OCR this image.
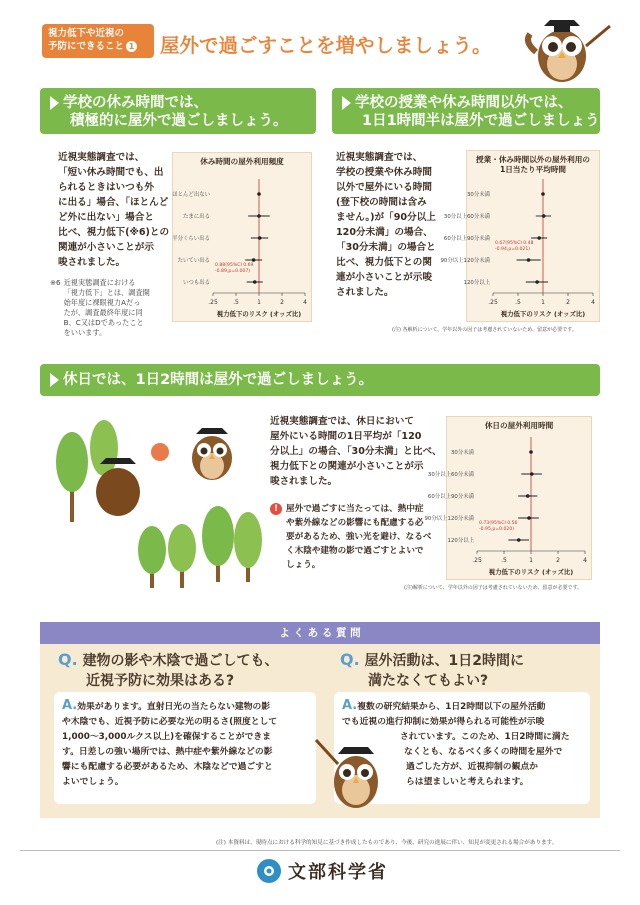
視力低下や近視の
予防にできること 1	屋外で過ごすことを増やしましょう。
学校の休み時間では、
積極的に屋外で過ごしましょう。
近視実態調査では、
「短い休み時間でも、出
られるときはいつも外
に出る」場合、「ほとんど
ど外に出ない」場合と
比べ、視力低下(※6)との
関連が小さいことが示
唆されました。
※6 近視実態調査における
「視力低下」とは、調査開
始年度に裸眼視力Aだっ
たが、調査最終年度に同
B、C又はDであったこと
をいいます。
休み時間の屋外利用頻度
.25	.5	1	2	4
視力低下のリスク (オッズ比)
ほとんど出ない
たまに出る
半分くらい出る
たいてい出る
いつも出る
0.88(95%CI 0.69
-0.89,p=0.007)
学校の授業や休み時間以外では、
1日1時間半は屋外で過ごしましょう。
近視実態調査では、
学校の授業や休み時間
以外で屋外にいる時間
(登下校の時間は含み
ません。)が「90分以上
120分未満」の場合、
「30分未満」の場合と
比べ、視力低下との関
連が小さいことが示唆
されました。
授業・休み時間以外の屋外利用の
1日当たり平均時間
.25	.5	1	2	4
視力低下のリスク (オッズ比)
30分未満
30分以上60分未満
60分以上90分未満
90分以上120分未満
120分以上
0.67(95%CI 0.48
-0.94,p=0.021)
(注) 各解析について、学年以外の因子は考慮されていないため、留意が必要です。
休日では、1日2時間は屋外で過ごしましょう。
近視実態調査では、休日において
屋外にいる時間の1日平均が「120
分以上」の場合、「30分未満」と比べ、
視力低下との関連が小さいことが示
唆されました。
! 屋外で過ごすに当たっては、熱中症
や紫外線などの影響にも配慮する必
要があるため、強い光を避け、なるべ
く木陰や建物の影で過ごすとよいで
しょう。
休日の屋外利用時間
.25	.5	1	2	4
視力低下のリスク (オッズ比)
30分未満
30分以上60分未満
60分以上90分未満
90分以上120分未満
120分以上
0.73(95%CI 0.56
-0.95,p=0.020)
(注)解析について、学年以外の因子は考慮されていないため、留意が必要です。
よ く あ る 質 問
Q. 建物の影や木陰で過ごしても、
近視予防に効果はある?
A.効果があります。直射日光の当たらない建物の影
や木陰でも、近視予防に必要な光の明るさ(照度として
1,000～3,000ルクス以上)を確保することができま
す。日差しの強い場所では、熱中症や紫外線などの影
響にも配慮する必要があるため、木陰などで過ごすと
よいでしょう。
Q. 屋外活動は、1日2時間に
満たなくてもよい?
A.複数の研究結果から、1日2時間以下の屋外活動
でも近視の進行抑制に効果が得られる可能性が示唆
されています。このため、1日2時間に満た
なくとも、なるべく多くの時間を屋外で
過ごした方が、近視抑制の観点か
らは望ましいと考えられます。
(注) 本資料は、現時点における科学的知見に基づき作成したものであり、今後、研究の進展に伴い、知見が変更される場合があります。
文部科学省
